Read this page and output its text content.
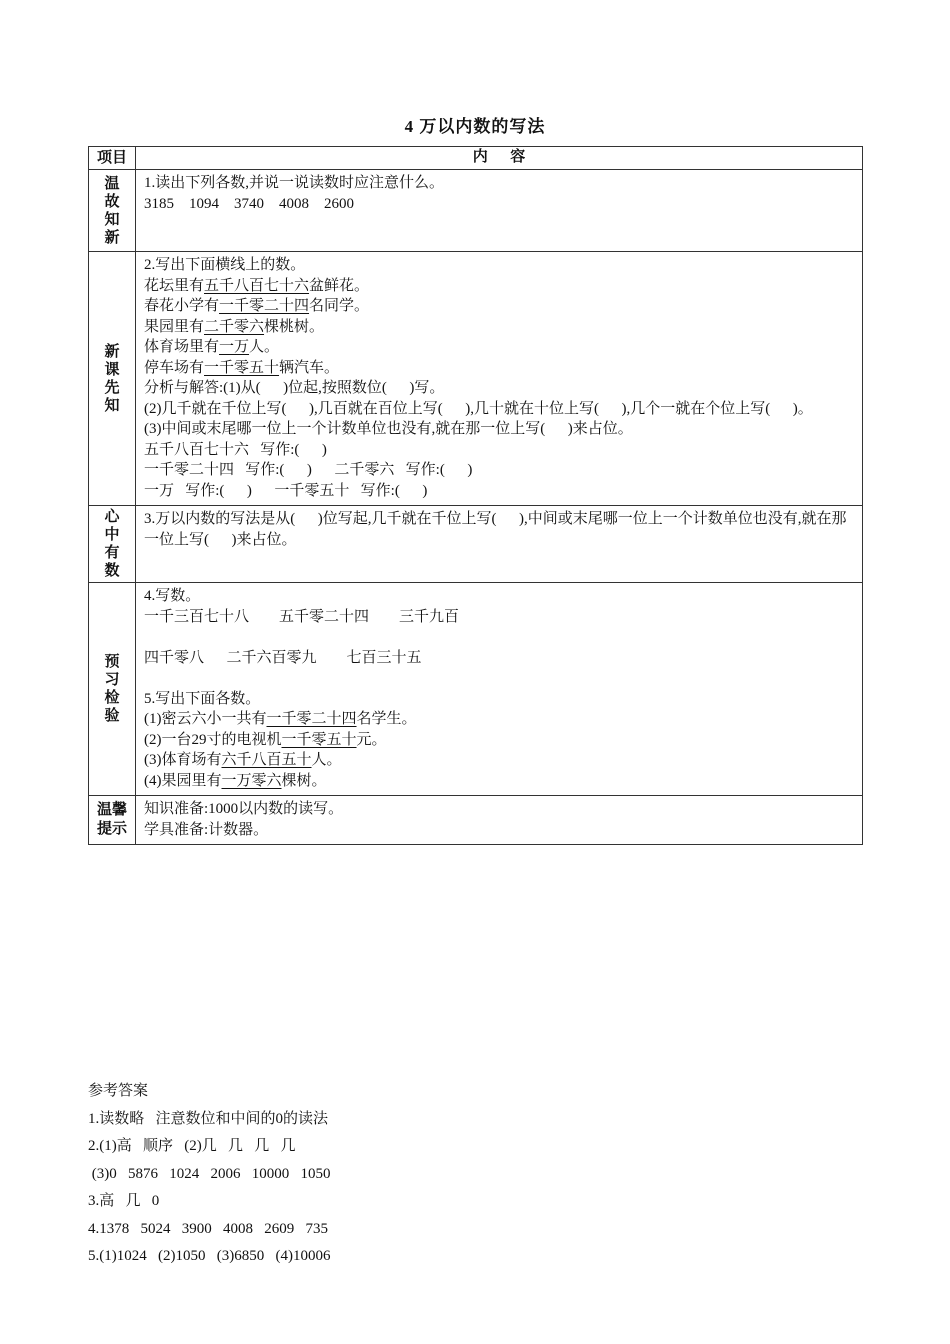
4 万以内数的写法
项目	内      容
温
故
知
新
1.读出下列各数,并说一说读数时应注意什么。
3185    1094    3740    4008    2600
新
课
先
知
2.写出下面横线上的数。
花坛里有五千八百七十六盆鲜花。
春花小学有一千零二十四名同学。
果园里有二千零六棵桃树。
体育场里有一万人。
停车场有一千零五十辆汽车。
分析与解答:(1)从(      )位起,按照数位(      )写。
(2)几千就在千位上写(      ),几百就在百位上写(      ),几十就在十位上写(      ),几个一就在个位上写(      )。
(3)中间或末尾哪一位上一个计数单位也没有,就在那一位上写(      )来占位。
五千八百七十六   写作:(      )
一千零二十四   写作:(      )      二千零六   写作:(      )
一万   写作:(      )      一千零五十   写作:(      )
心
中
有
数
3.万以内数的写法是从(      )位写起,几千就在千位上写(      ),中间或末尾哪一位上一个计数单位也没有,就在那一位上写(      )来占位。
预
习
检
验
4.写数。
一千三百七十八        五千零二十四        三千九百

四千零八      二千六百零九        七百三十五

5.写出下面各数。
(1)密云六小一共有一千零二十四名学生。
(2)一台29寸的电视机一千零五十元。
(3)体育场有六千八百五十人。
(4)果园里有一万零六棵树。
温馨提示
知识准备:1000以内数的读写。
学具准备:计数器。
参考答案
1.读数略   注意数位和中间的0的读法
2.(1)高   顺序   (2)几   几   几   几
(3)0   5876   1024   2006   10000   1050
3.高   几   0
4.1378   5024   3900   4008   2609   735
5.(1)1024   (2)1050   (3)6850   (4)10006
